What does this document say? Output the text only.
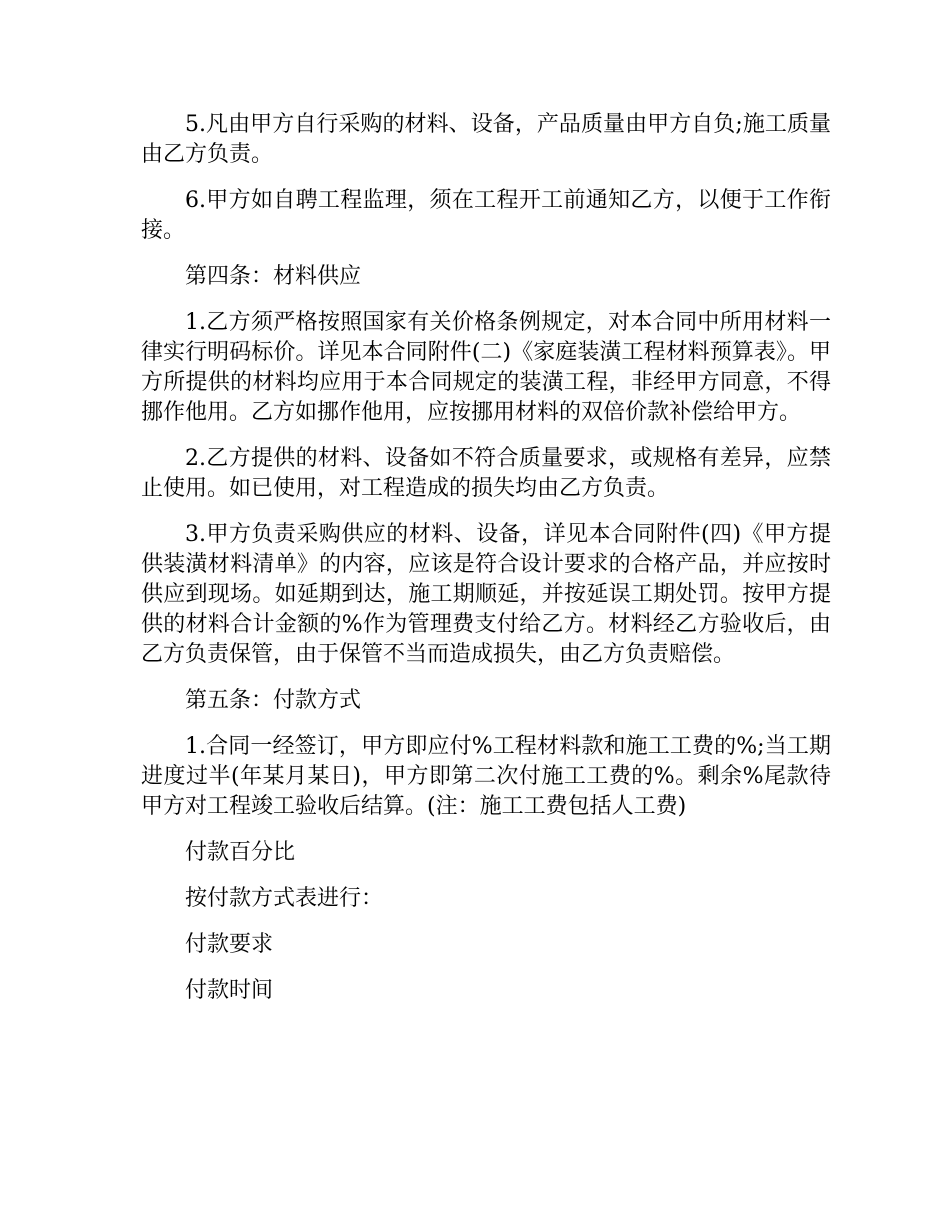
5.凡由甲方自行采购的材料、设备，产品质量由甲方自负;施工质量由乙方负责。

6.甲方如自聘工程监理，须在工程开工前通知乙方，以便于工作衔接。

第四条：材料供应

1.乙方须严格按照国家有关价格条例规定，对本合同中所用材料一律实行明码标价。详见本合同附件(二)《家庭装潢工程材料预算表》。甲方所提供的材料均应用于本合同规定的装潢工程，非经甲方同意，不得挪作他用。乙方如挪作他用，应按挪用材料的双倍价款补偿给甲方。

2.乙方提供的材料、设备如不符合质量要求，或规格有差异，应禁止使用。如已使用，对工程造成的损失均由乙方负责。

3.甲方负责采购供应的材料、设备，详见本合同附件(四)《甲方提供装潢材料清单》的内容，应该是符合设计要求的合格产品，并应按时供应到现场。如延期到达，施工期顺延，并按延误工期处罚。按甲方提供的材料合计金额的%作为管理费支付给乙方。材料经乙方验收后，由乙方负责保管，由于保管不当而造成损失，由乙方负责赔偿。

第五条：付款方式

1.合同一经签订，甲方即应付%工程材料款和施工工费的%;当工期进度过半(年某月某日)，甲方即第二次付施工工费的%。剩余%尾款待甲方对工程竣工验收后结算。(注：施工工费包括人工费)

付款百分比

按付款方式表进行：

付款要求

付款时间
